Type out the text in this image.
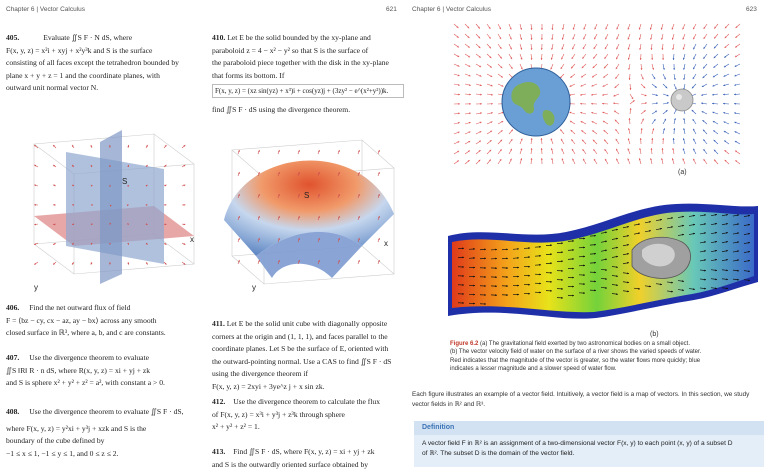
Chapter 6 | Vector Calculus	621
405.	Evaluate ∬S F · N dS, where
F(x, y, z) = x²i + xyj + x²y³k and S is the surface
consisting of all faces except the tetrahedron bounded by
plane x + y + z = 1 and the coordinate planes, with
outward unit normal vector N.
410. Let E be the solid bounded by the xy-plane and
paraboloid z = 4 − x² − y² so that S is the surface of
the paraboloid piece together with the disk in the xy-plane
that forms its bottom. If
F(x, y, z) = (xz sin(yz) + x³)i + cos(yz)j + (3zy² − e^(x²+y²))k.
find ∬S F · dS using the divergence theorem.
S
x
y
S
x
y
406. Find the net outward flux of field
F = ⟨bz − cy, cx − az, ay − bx⟩ across any smooth
closed surface in ℝ³, where a, b, and c are constants.
407. Use the divergence theorem to evaluate
∬S ‖R‖ R · n dS, where R(x, y, z) = xi + yj + zk
and S is sphere x² + y² + z² = a², with constant a > 0.
408. Use the divergence theorem to evaluate ∬S F · dS,
where F(x, y, z) = y²xi + y³j + xzk and S is the
boundary of the cube defined by
−1 ≤ x ≤ 1, −1 ≤ y ≤ 1, and 0 ≤ z ≤ 2.
411. Let E be the solid unit cube with diagonally opposite
corners at the origin and (1, 1, 1), and faces parallel to the
coordinate planes. Let S be the surface of E, oriented with
the outward-pointing normal. Use a CAS to find ∬S F · dS
using the divergence theorem if
F(x, y, z) = 2xyi + 3ye^z j + x sin zk.
412. Use the divergence theorem to calculate the flux
of F(x, y, z) = x³i + y³j + z³k through sphere
x² + y² + z² = 1.
413. Find ∬S F · dS, where F(x, y, z) = xi + yj + zk
and S is the outwardly oriented surface obtained by
Chapter 6 | Vector Calculus	623
(a)
(b)
Figure 6.2 (a) The gravitational field exerted by two astronomical bodies on a small object.
(b) The vector velocity field of water on the surface of a river shows the varied speeds of water.
Red indicates that the magnitude of the vector is greater, so the water flows more quickly; blue
indicates a lesser magnitude and a slower speed of water flow.
Each figure illustrates an example of a vector field. Intuitively, a vector field is a map of vectors. In this section, we study
vector fields in ℝ² and ℝ³.
Definition
A vector field F in ℝ² is an assignment of a two-dimensional vector F(x, y) to each point (x, y) of a subset D
of ℝ². The subset D is the domain of the vector field.
